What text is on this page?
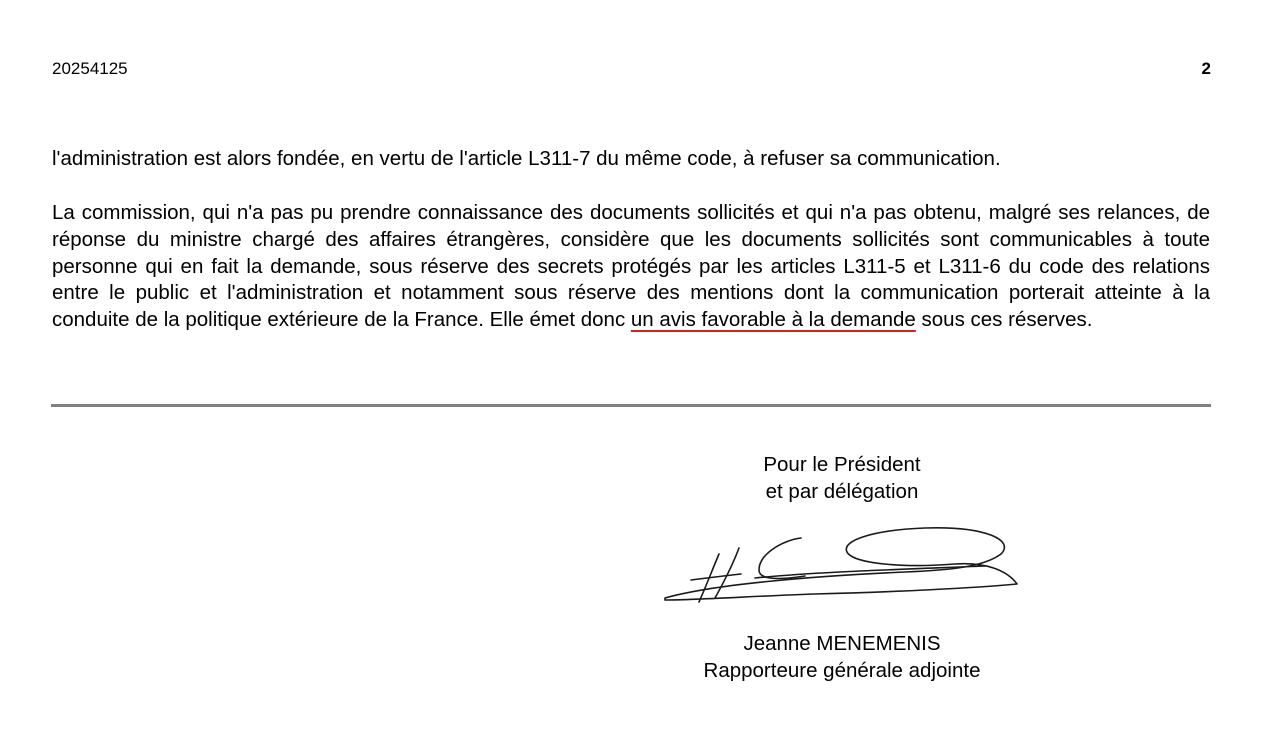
20254125	2

l'administration est alors fondée, en vertu de l'article L311-7 du même code, à refuser sa communication.

La commission, qui n'a pas pu prendre connaissance des documents sollicités et qui n'a pas obtenu, malgré ses relances, de réponse du ministre chargé des affaires étrangères, considère que les documents sollicités sont communicables à toute personne qui en fait la demande, sous réserve des secrets protégés par les articles L311-5 et L311-6 du code des relations entre le public et l'administration et notamment sous réserve des mentions dont la communication porterait atteinte à la conduite de la politique extérieure de la France. Elle émet donc un avis favorable à la demande sous ces réserves.

Pour le Président
et par délégation
Jeanne MENEMENIS
Rapporteure générale adjointe
